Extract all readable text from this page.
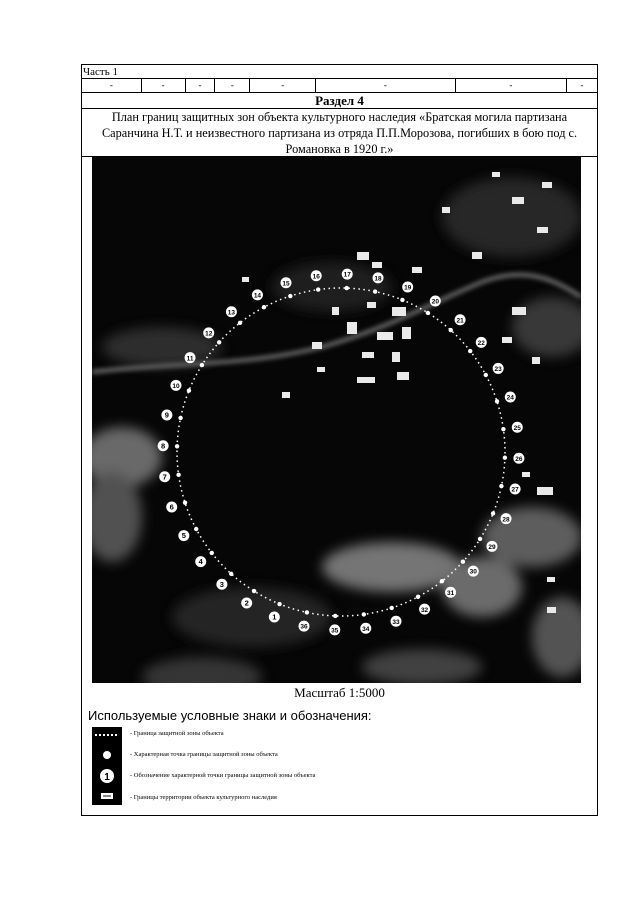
Часть 1
-	-	-	-	-	-	-	-
Раздел 4
План границ защитных зон объекта культурного наследия «Братская могила партизана Саранчина Н.Т. и неизвестного партизана из отряда П.П.Морозова, погибших в бою под с. Романовка в 1920 г.»
1
2
3
4
5
6
7
8
9
10
11
12
13
14
15
16	17
18
19
20
21
22
23
24
25
26
27
28
29
30
31
32
33
34
35
36
Масштаб 1:5000
Используемые условные знаки и обозначения:
1
- Граница защитной зоны объекта
- Характерная точка границы защитной зоны объекта
- Обозначение характерной точки границы защитной зоны объекта
- Границы территории объекта культурного наследия
